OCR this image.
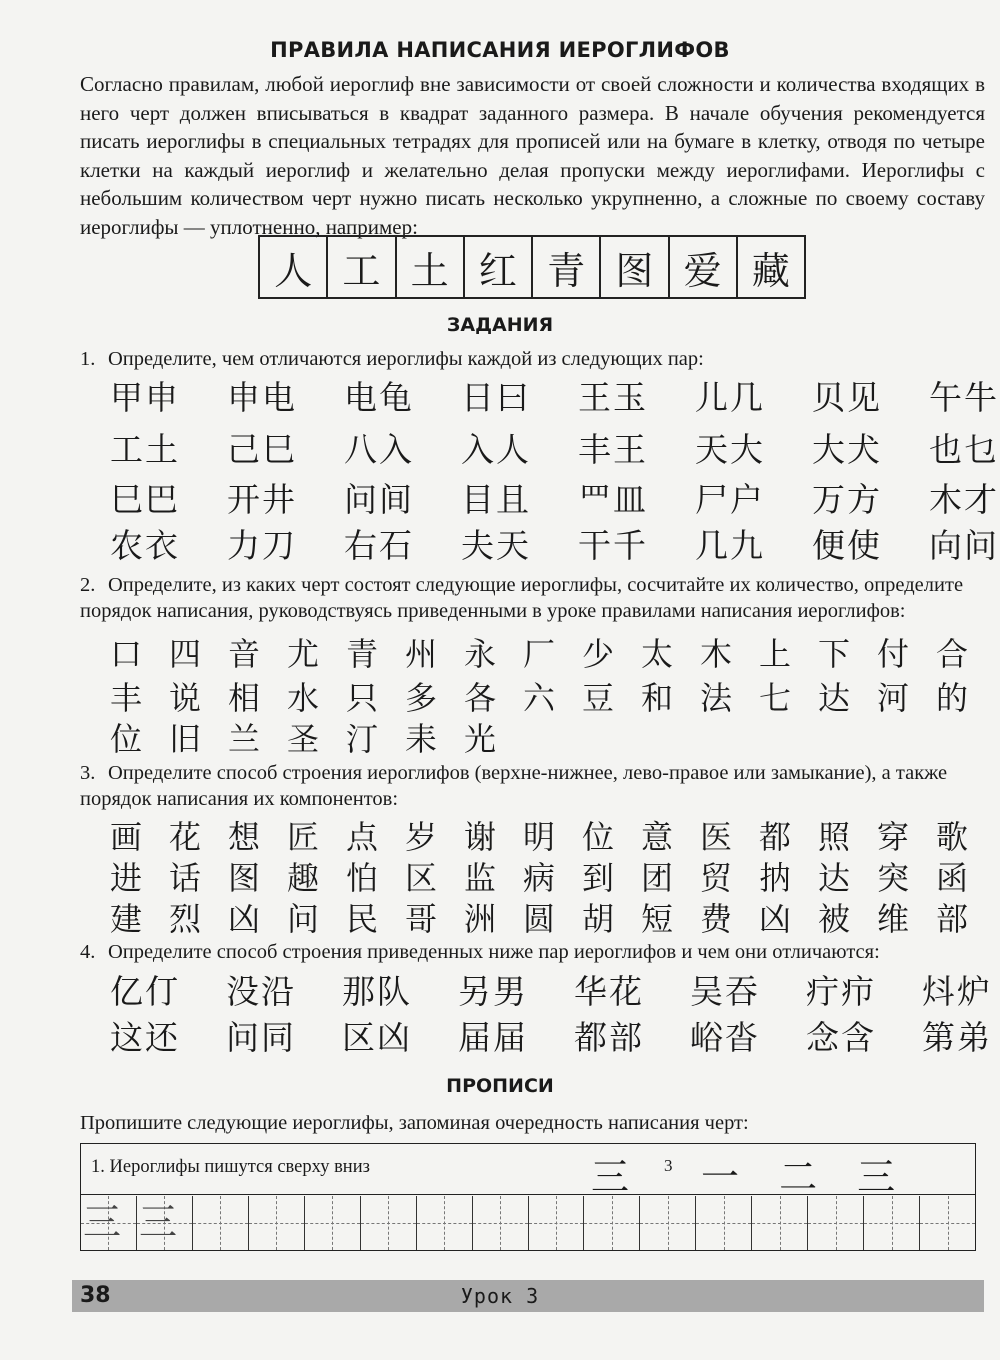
ПРАВИЛА НАПИСАНИЯ ИЕРОГЛИФОВ
Согласно правилам, любой иероглиф вне зависимости от своей сложности и количества входящих в него черт должен вписываться в квадрат заданного размера. В начале обучения рекомендуется писать иероглифы в специальных тетрадях для прописей или на бумаге в клетку, отводя по четыре клетки на каждый иероглиф и желательно делая пропуски между иероглифами. Иероглифы с небольшим количеством черт нужно писать несколько укрупненно, а сложные по своему составу иероглифы — уплотненно, например:
人 工 土 红 青 图 爱 藏
ЗАДАНИЯ
1. Определите, чем отличаются иероглифы каждой из следующих пар:
甲申	申电	电龟	日曰	王玉	儿几	贝见	午牛
工土	己巳	八入	入人	丰王	天大	大犬	也乜
巳巴	开井	问间	目且	罒皿	尸户	万方	木才
农衣	力刀	右石	夫天	干千	几九	便使	向问
2. Определите, из каких черт состоят следующие иероглифы, сосчитайте их количество, определите порядок написания, руководствуясь приведенными в уроке правилами написания иероглифов:
口 四 音 尤 青 州 永 厂 少 太 木 上 下 付 合
丰 说 相 水 只 多 各 六 豆 和 法 七 达 河 的
位 旧 兰 圣 汀 耒 光
3. Определите способ строения иероглифов (верхне-нижнее, лево-правое или замыкание), а также порядок написания их компонентов:
画 花 想 匠 点 岁 谢 明 位 意 医 都 照 穿 歌
进 话 图 趣 怕 区 监 病 到 团 贸 抐 达 突 函
建 烈 凶 问 民 哥 洲 圆 胡 短 费 凶 被 维 部
4. Определите способ строения приведенных ниже пар иероглифов и чем они отличаются:
亿仃	没沿	那队	另男	华花	吴吞	疔疖	炓炉
这还	问同	区凶	届届	都部	峪沓	念含	第弟
ПРОПИСИ
Пропишите следующие иероглифы, запоминая очередность написания черт:
1. Иероглифы пишутся сверху вниз	三 3 一 二 三
三 三
38	Урок 3
